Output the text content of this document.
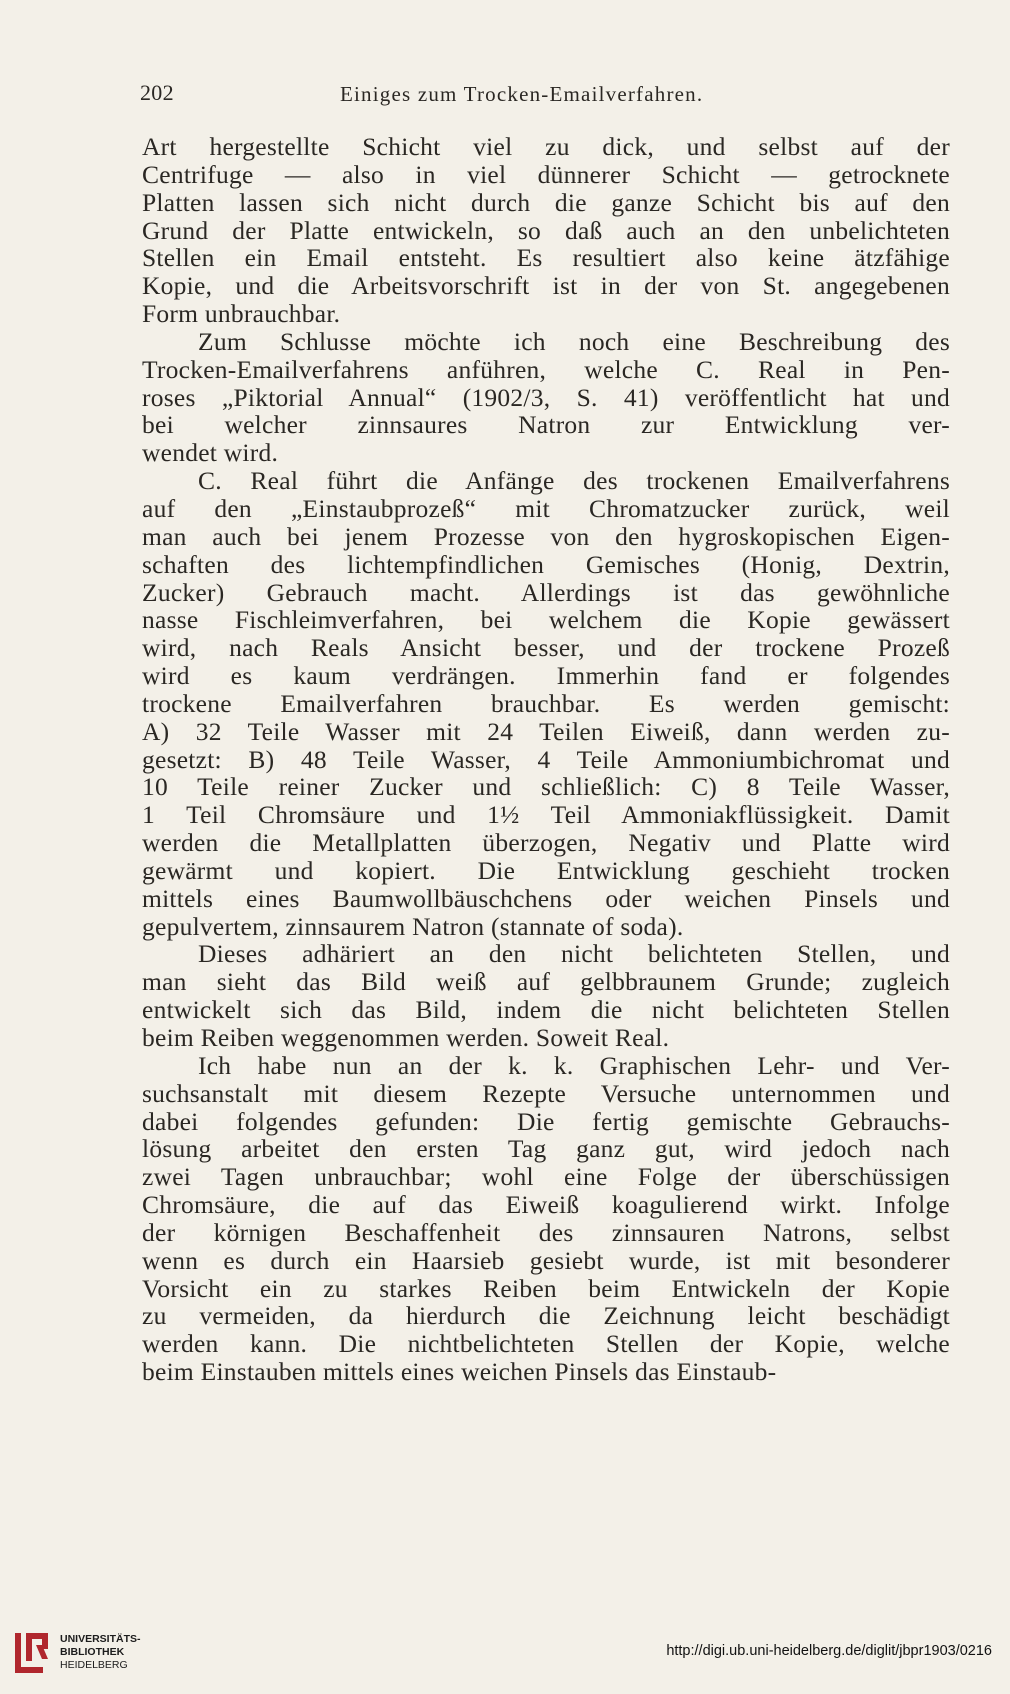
202	Einiges zum Trocken-Emailverfahren.
Art hergestellte Schicht viel zu dick, und selbst auf der
Centrifuge — also in viel dünnerer Schicht — getrocknete
Platten lassen sich nicht durch die ganze Schicht bis auf den
Grund der Platte entwickeln, so daß auch an den unbelichteten
Stellen ein Email entsteht. Es resultiert also keine ätzfähige
Kopie, und die Arbeitsvorschrift ist in der von St. angegebenen
Form unbrauchbar.
Zum Schlusse möchte ich noch eine Beschreibung des
Trocken-Emailverfahrens anführen, welche C. Real in Pen-
roses „Piktorial Annual“ (1902/3, S. 41) veröffentlicht hat und
bei welcher zinnsaures Natron zur Entwicklung ver-
wendet wird.
C. Real führt die Anfänge des trockenen Emailverfahrens
auf den „Einstaubprozeß“ mit Chromatzucker zurück, weil
man auch bei jenem Prozesse von den hygroskopischen Eigen-
schaften des lichtempfindlichen Gemisches (Honig, Dextrin,
Zucker) Gebrauch macht. Allerdings ist das gewöhnliche
nasse Fischleimverfahren, bei welchem die Kopie gewässert
wird, nach Reals Ansicht besser, und der trockene Prozeß
wird es kaum verdrängen. Immerhin fand er folgendes
trockene Emailverfahren brauchbar. Es werden gemischt:
A) 32 Teile Wasser mit 24 Teilen Eiweiß, dann werden zu-
gesetzt: B) 48 Teile Wasser, 4 Teile Ammoniumbichromat und
10 Teile reiner Zucker und schließlich: C) 8 Teile Wasser,
1 Teil Chromsäure und 1½ Teil Ammoniakflüssigkeit. Damit
werden die Metallplatten überzogen, Negativ und Platte wird
gewärmt und kopiert. Die Entwicklung geschieht trocken
mittels eines Baumwollbäuschchens oder weichen Pinsels und
gepulvertem, zinnsaurem Natron (stannate of soda).
Dieses adhäriert an den nicht belichteten Stellen, und
man sieht das Bild weiß auf gelbbraunem Grunde; zugleich
entwickelt sich das Bild, indem die nicht belichteten Stellen
beim Reiben weggenommen werden. Soweit Real.
Ich habe nun an der k. k. Graphischen Lehr- und Ver-
suchsanstalt mit diesem Rezepte Versuche unternommen und
dabei folgendes gefunden: Die fertig gemischte Gebrauchs-
lösung arbeitet den ersten Tag ganz gut, wird jedoch nach
zwei Tagen unbrauchbar; wohl eine Folge der überschüssigen
Chromsäure, die auf das Eiweiß koagulierend wirkt. Infolge
der körnigen Beschaffenheit des zinnsauren Natrons, selbst
wenn es durch ein Haarsieb gesiebt wurde, ist mit besonderer
Vorsicht ein zu starkes Reiben beim Entwickeln der Kopie
zu vermeiden, da hierdurch die Zeichnung leicht beschädigt
werden kann. Die nichtbelichteten Stellen der Kopie, welche
beim Einstauben mittels eines weichen Pinsels das Einstaub-
UNIVERSITÄTS-
BIBLIOTHEK
HEIDELBERG
http://digi.ub.uni-heidelberg.de/diglit/jbpr1903/0216
